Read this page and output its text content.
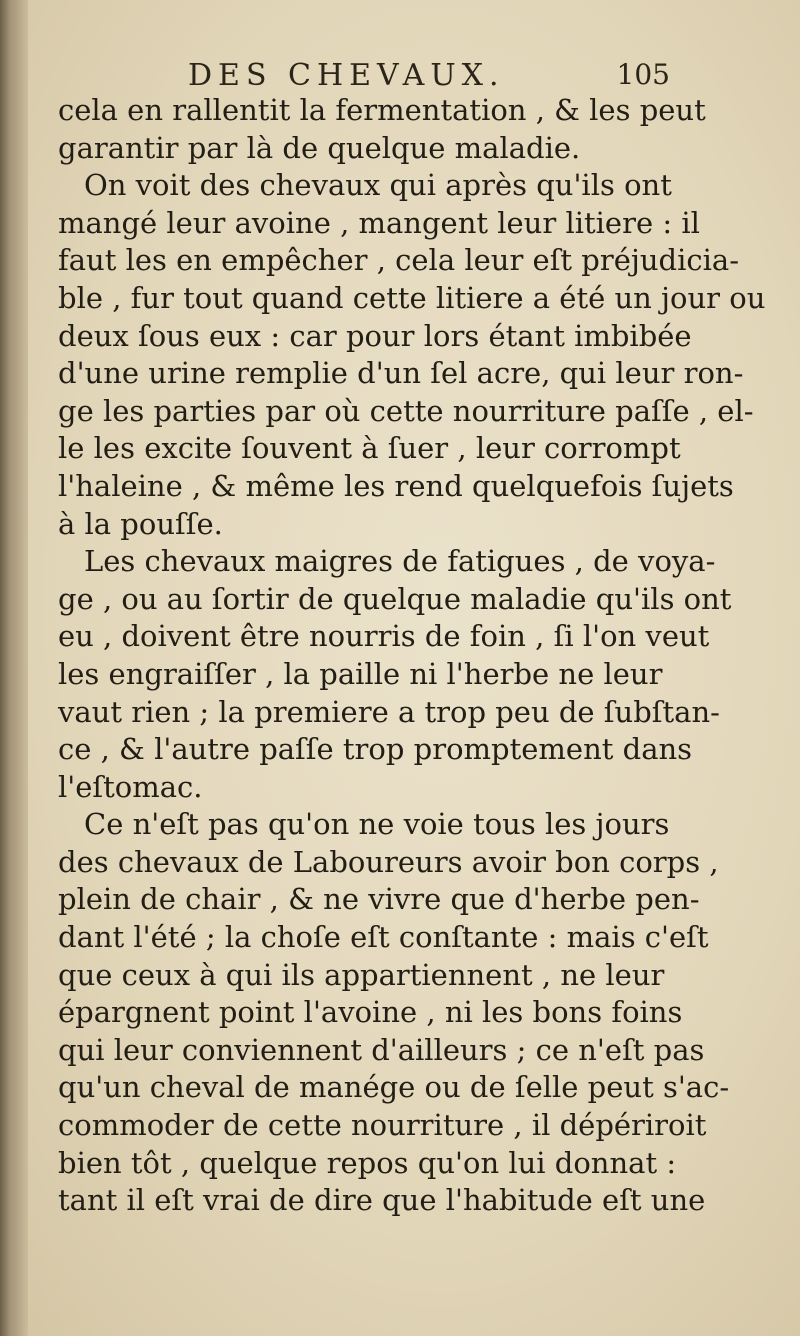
DES CHEVAUX.	105
cela en rallentit la fermentation , & les peut
garantir par là de quelque maladie.
On voit des chevaux qui après qu'ils ont
mangé leur avoine , mangent leur litiere : il
faut les en empêcher , cela leur eſt préjudicia-
ble , fur tout quand cette litiere a été un jour ou
deux ſous eux : car pour lors étant imbibée
d'une urine remplie d'un ſel acre, qui leur ron-
ge les parties par où cette nourriture paſſe , el-
le les excite ſouvent à ſuer , leur corrompt
l'haleine , & même les rend quelquefois ſujets
à la pouſſe.
Les chevaux maigres de fatigues , de voya-
ge , ou au ſortir de quelque maladie qu'ils ont
eu , doivent être nourris de foin , ſi l'on veut
les engraiſſer , la paille ni l'herbe ne leur
vaut rien ; la premiere a trop peu de ſubſtan-
ce , & l'autre paſſe trop promptement dans
l'eſtomac.
Ce n'eſt pas qu'on ne voie tous les jours
des chevaux de Laboureurs avoir bon corps ,
plein de chair , & ne vivre que d'herbe pen-
dant l'été ; la choſe eſt conſtante : mais c'eſt
que ceux à qui ils appartiennent , ne leur
épargnent point l'avoine , ni les bons foins
qui leur conviennent d'ailleurs ; ce n'eſt pas
qu'un cheval de manége ou de ſelle peut s'ac-
commoder de cette nourriture , il dépériroit
bien tôt , quelque repos qu'on lui donnat :
tant il eſt vrai de dire que l'habitude eſt une
